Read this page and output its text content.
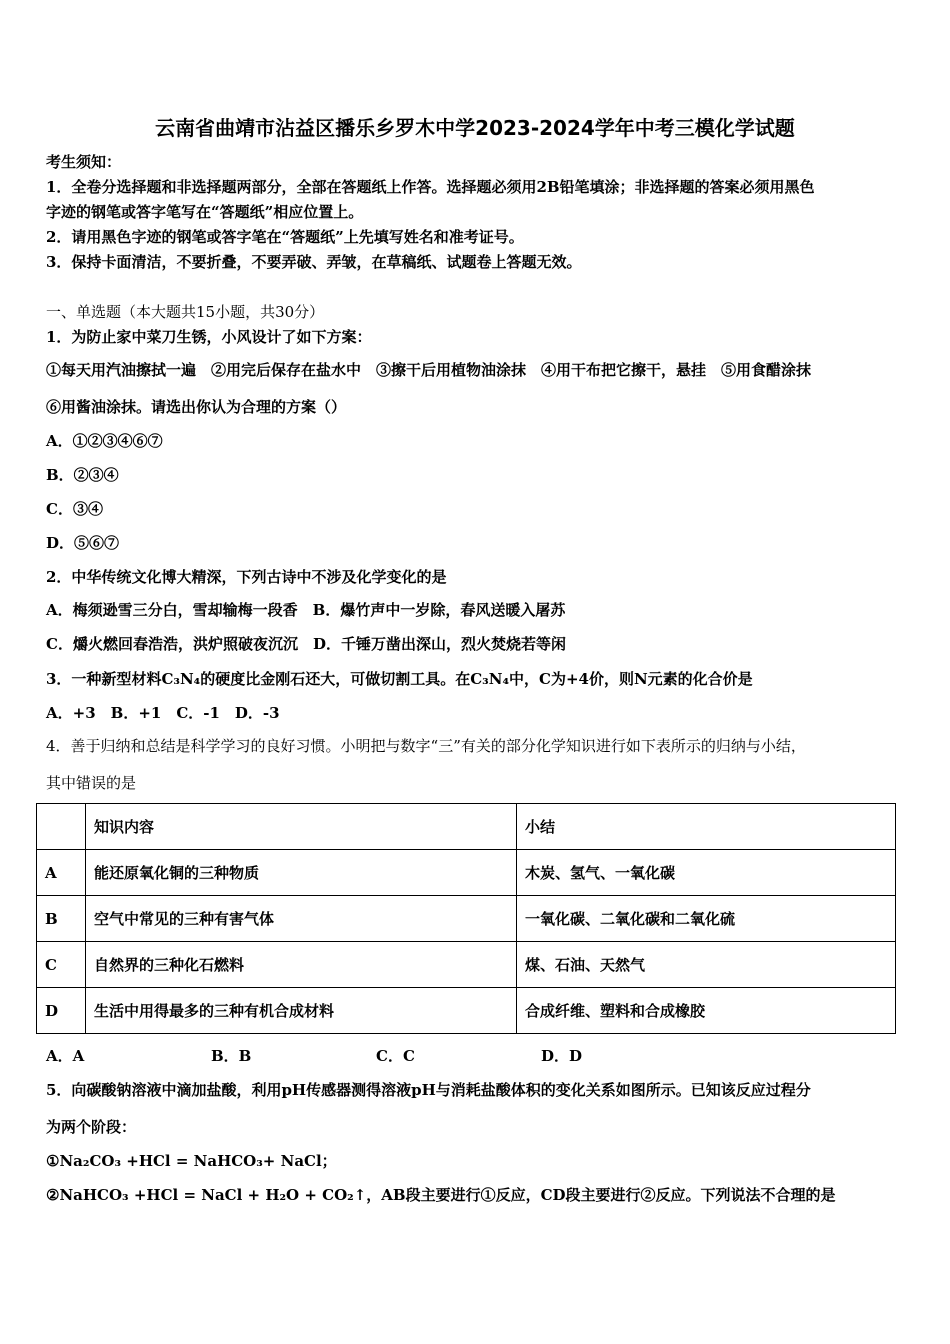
云南省曲靖市沾益区播乐乡罗木中学2023-2024学年中考三模化学试题
考生须知：
1．全卷分选择题和非选择题两部分，全部在答题纸上作答。选择题必须用2B铅笔填涂；非选择题的答案必须用黑色
字迹的钢笔或答字笔写在“答题纸”相应位置上。
2．请用黑色字迹的钢笔或答字笔在“答题纸”上先填写姓名和准考证号。
3．保持卡面清洁，不要折叠，不要弄破、弄皱，在草稿纸、试题卷上答题无效。
一、单选题（本大题共15小题，共30分）
1．为防止家中菜刀生锈，小风设计了如下方案：
①每天用汽油擦拭一遍　②用完后保存在盐水中　③擦干后用植物油涂抹　④用干布把它擦干，悬挂　⑤用食醋涂抹
⑥用酱油涂抹。请选出你认为合理的方案（）
A．①②③④⑥⑦
B．②③④
C．③④
D．⑤⑥⑦
2．中华传统文化博大精深，下列古诗中不涉及化学变化的是
A．梅须逊雪三分白，雪却输梅一段香　B．爆竹声中一岁除，春风送暖入屠苏
C．爝火燃回春浩浩，洪炉照破夜沉沉　D．千锤万凿出深山，烈火焚烧若等闲
3．一种新型材料C₃N₄的硬度比金刚石还大，可做切割工具。在C₃N₄中，C为+4价，则N元素的化合价是
A．+3　B．+1　C．-1　D．-3
4．善于归纳和总结是科学学习的良好习惯。小明把与数字“三”有关的部分化学知识进行如下表所示的归纳与小结，
其中错误的是
	知识内容	小结
A	能还原氧化铜的三种物质	木炭、氢气、一氧化碳
B	空气中常见的三种有害气体	一氧化碳、二氧化碳和二氧化硫
C	自然界的三种化石燃料	煤、石油、天然气
D	生活中用得最多的三种有机合成材料	合成纤维、塑料和合成橡胶
A．A	B．B	C．C	D．D
5．向碳酸钠溶液中滴加盐酸，利用pH传感器测得溶液pH与消耗盐酸体积的变化关系如图所示。已知该反应过程分
为两个阶段：
①Na₂CO₃ +HCl = NaHCO₃+ NaCl；
②NaHCO₃ +HCl = NaCl + H₂O + CO₂↑，AB段主要进行①反应，CD段主要进行②反应。下列说法不合理的是
